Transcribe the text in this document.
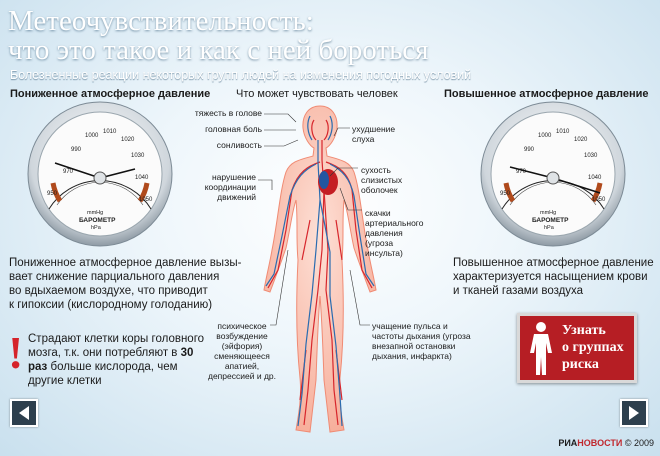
Метеочувствительность:
что это такое и как с ней бороться
Болезненные реакции некоторых групп людей на изменения погодных условий
Пониженное атмосферное давление Что может чувствовать человек	Повышенное атмосферное давление
970
990
1000
1010
1020
1030
1040
950
1050
mmHg
БАРОМЕТР
hPa
970
990
1000
1010
1020
1030
1040
950
1050
mmHg
БАРОМЕТР
hPa
тяжесть в голове
головная боль
сонливость
нарушение
координации
движений
психическое
возбуждение
(эйфория)
сменяющееся
апатией,
депрессией и др.
ухудшение
слуха
сухость
слизистых
оболочек
скачки
артериального
давления
(угроза
инсульта)
учащение пульса и
частоты дыхания (угроза
внезапной остановки
дыхания, инфаркта)
Пониженное атмосферное давление вызы-
вает снижение парциального давления
во вдыхаемом воздухе, что приводит
к гипоксии (кислородному голоданию)
Повышенное атмосферное давление
характеризуется насыщением крови
и тканей газами воздуха
! Страдают клетки коры головного мозга, т.к. они потребляют в 30 раз больше кислорода, чем другие клетки
Узнать
о группах
риска
РИАНОВОСТИ © 2009
